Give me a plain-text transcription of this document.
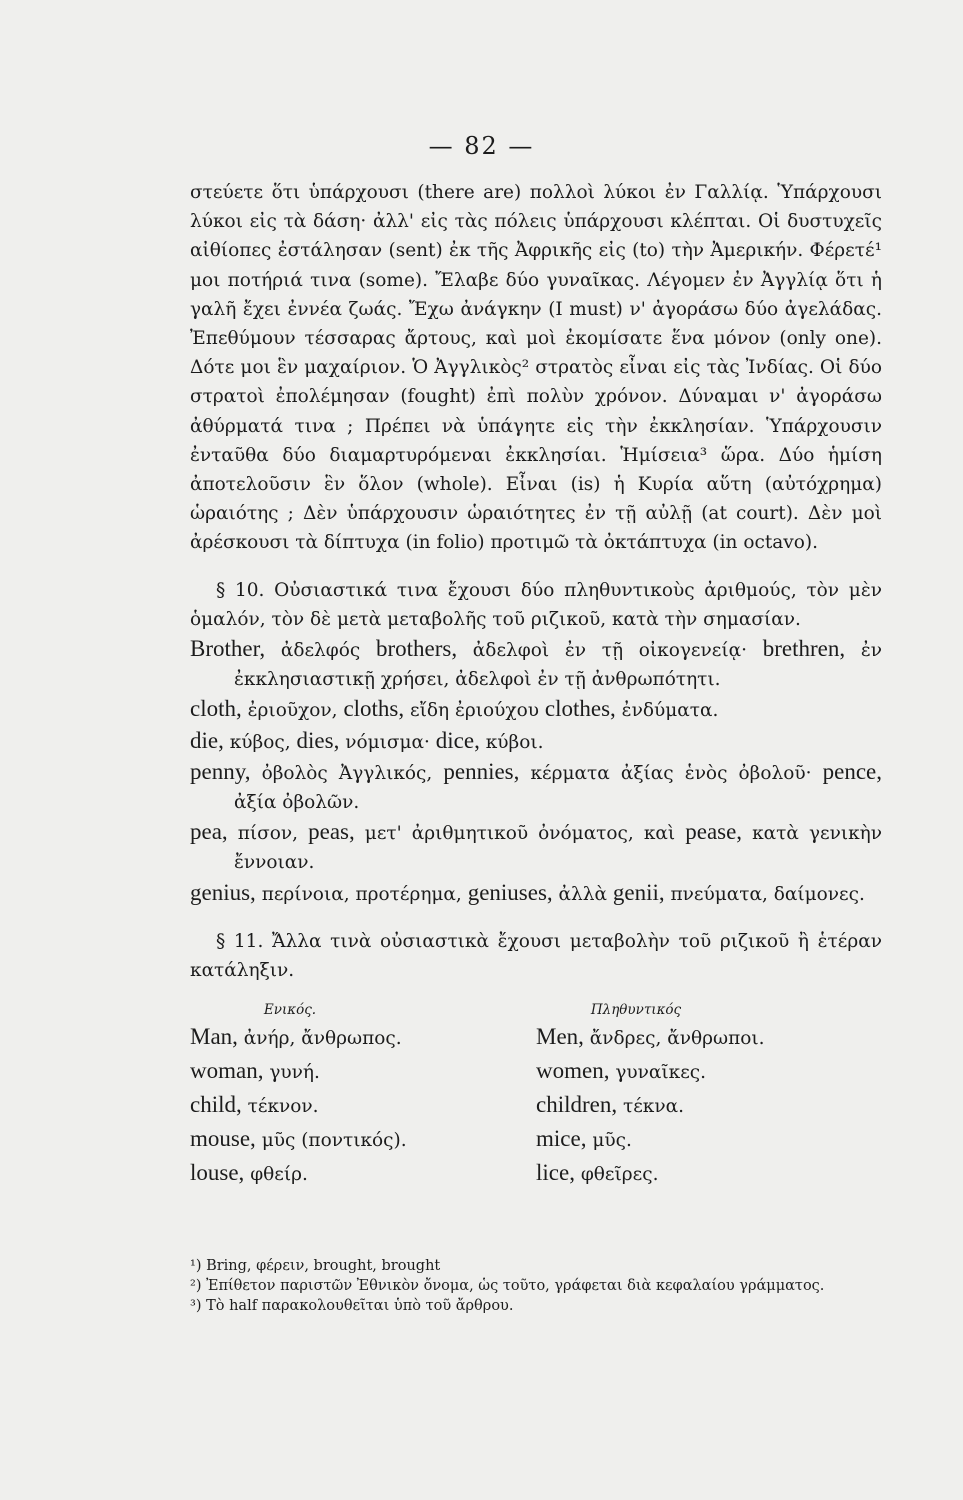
— 82 —

στεύετε ὅτι ὑπάρχουσι (there are) πολλοὶ λύκοι ἐν Γαλλίᾳ. Ὑπάρχουσι λύκοι εἰς τὰ δάση· ἀλλ' εἰς τὰς πόλεις ὑπάρχουσι κλέπται. Οἱ δυστυχεῖς αἰθίοπες ἐστάλησαν (sent) ἐκ τῆς Ἀφρικῆς εἰς (to) τὴν Ἀμερικήν. Φέρετέ¹ μοι ποτήριά τινα (some). Ἔλαβε δύο γυναῖκας. Λέγομεν ἐν Ἀγγλίᾳ ὅτι ἡ γαλῆ ἔχει ἐννέα ζωάς. Ἔχω ἀνάγκην (I must) ν' ἀγοράσω δύο ἀγελάδας. Ἐπεθύμουν τέσσαρας ἄρτους, καὶ μοὶ ἐκομίσατε ἕνα μόνον (only one). Δότε μοι ἓν μαχαίριον. Ὁ Ἀγγλικὸς² στρατὸς εἶναι εἰς τὰς Ἰνδίας. Οἱ δύο στρατοὶ ἐπολέμησαν (fought) ἐπὶ πολὺν χρόνον. Δύναμαι ν' ἀγοράσω ἀθύρματά τινα ; Πρέπει νὰ ὑπάγητε εἰς τὴν ἐκκλησίαν. Ὑπάρχουσιν ἐνταῦθα δύο διαμαρτυρόμεναι ἐκκλησίαι. Ἡμίσεια³ ὥρα. Δύο ἡμίση ἀποτελοῦσιν ἓν ὅλον (whole). Εἶναι (is) ἡ Κυρία αὕτη (αὐτόχρημα) ὡραιότης ; Δὲν ὑπάρχουσιν ὡραιότητες ἐν τῇ αὐλῇ (at court). Δὲν μοὶ ἀρέσκουσι τὰ δίπτυχα (in folio) προτιμῶ τὰ ὀκτάπτυχα (in octavo).

§ 10. Οὐσιαστικά τινα ἔχουσι δύο πληθυντικοὺς ἀριθμούς, τὸν μὲν ὁμαλόν, τὸν δὲ μετὰ μεταβολῆς τοῦ ριζικοῦ, κατὰ τὴν σημασίαν.

Brother, ἀδελφός brothers, ἀδελφοὶ ἐν τῇ οἰκογενείᾳ· brethren, ἐν ἐκκλησιαστικῇ χρήσει, ἀδελφοὶ ἐν τῇ ἀνθρωπότητι.

cloth, ἐριοῦχον, cloths, εἴδη ἐριούχου clothes, ἐνδύματα.

die, κύβος, dies, νόμισμα· dice, κύβοι.

penny, ὀβολὸς Ἀγγλικός, pennies, κέρματα ἀξίας ἑνὸς ὀβολοῦ· pence, ἀξία ὀβολῶν.

pea, πίσον, peas, μετ' ἀριθμητικοῦ ὀνόματος, καὶ pease, κατὰ γενικὴν ἔννοιαν.

genius, περίνοια, προτέρημα, geniuses, ἀλλὰ genii, πνεύματα, δαίμονες.

§ 11. Ἄλλα τινὰ οὐσιαστικὰ ἔχουσι μεταβολὴν τοῦ ριζικοῦ ἢ ἑτέραν κατάληξιν.

Ενικός.
Man, ἀνήρ, ἄνθρωπος.
woman, γυνή.
child, τέκνον.
mouse, μῦς (ποντικός).
louse, φθείρ.
Πληθυντικός
Men, ἄνδρες, ἄνθρωποι.
women, γυναῖκες.
children, τέκνα.
mice, μῦς.
lice, φθεῖρες.

¹) Bring, φέρειν, brought, brought

²) Ἐπίθετον παριστῶν Ἐθνικὸν ὄνομα, ὡς τοῦτο, γράφεται διὰ κεφαλαίου γράμματος.

³) Τὸ half παρακολουθεῖται ὑπὸ τοῦ ἄρθρου.
